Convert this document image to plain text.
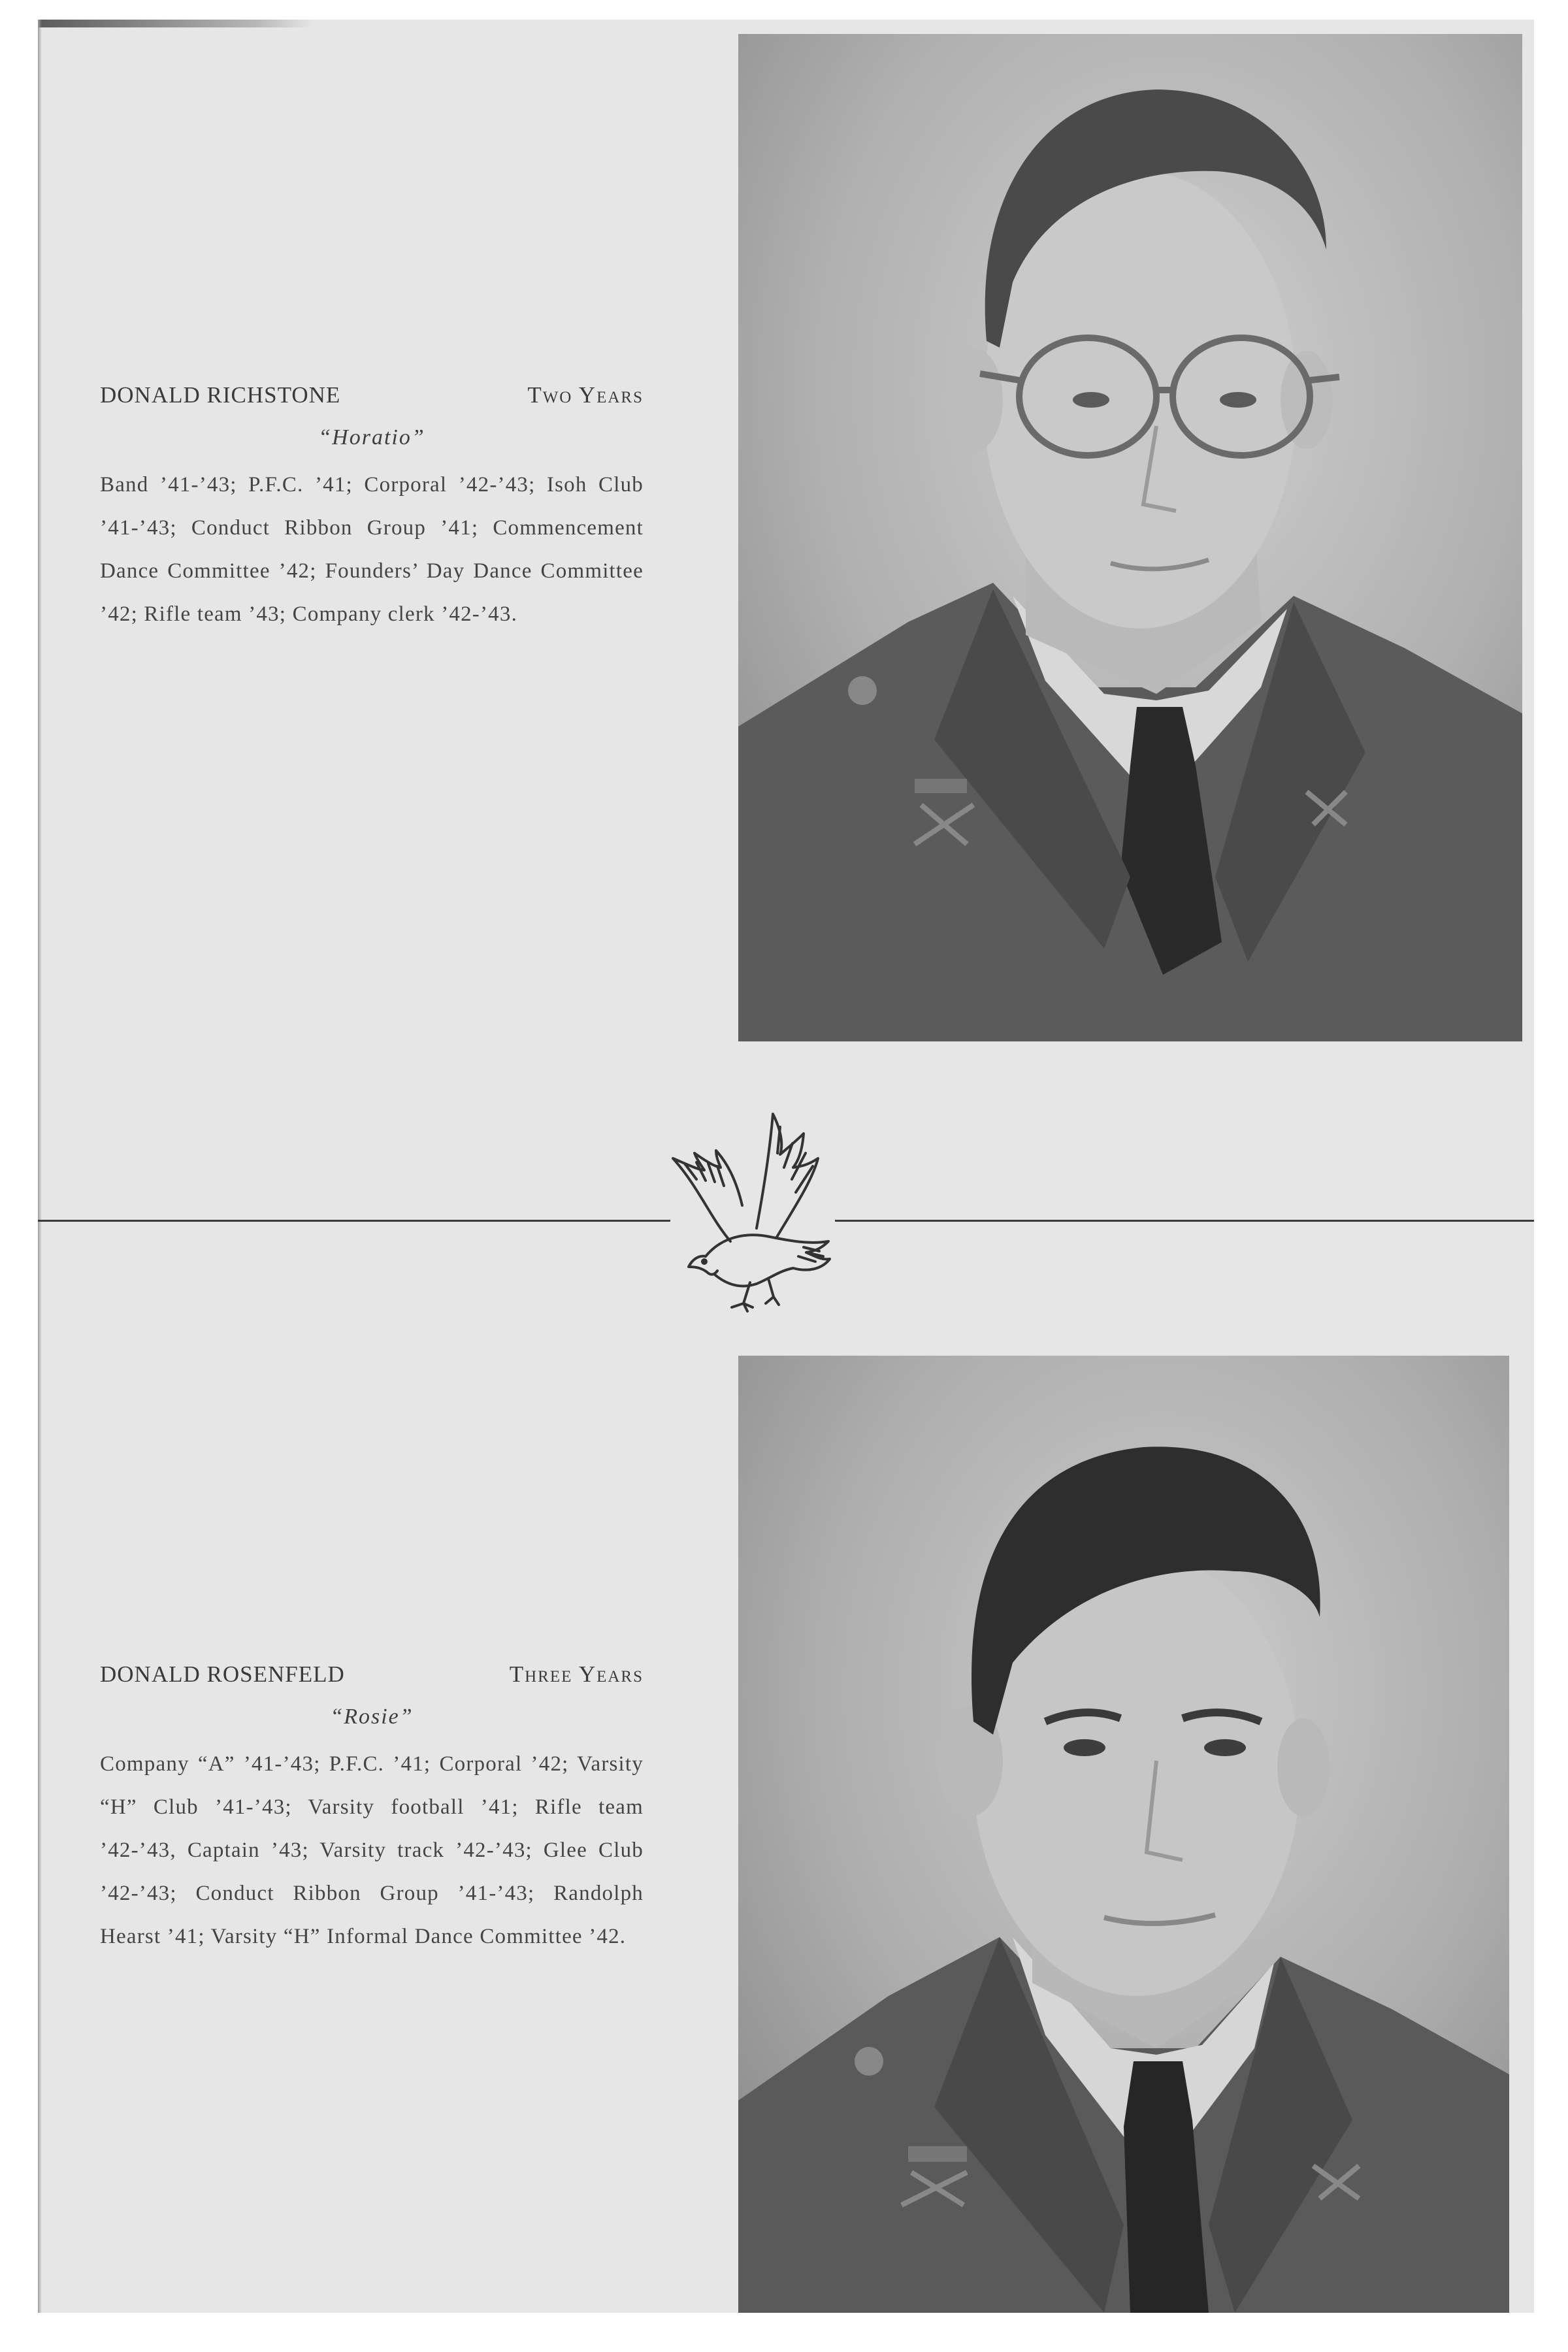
DONALD RICHSTONE	Two Years
“Horatio”

Band ’41-’43; P.F.C. ’41; Corporal ’42-’43; Isoh Club ’41-’43; Conduct Ribbon Group ’41; Commencement Dance Committee ’42; Founders’ Day Dance Committee ’42; Rifle team ’43; Company clerk ’42-’43.

DONALD ROSENFELD	Three Years
“Rosie”

Company “A” ’41-’43; P.F.C. ’41; Corporal ’42; Varsity “H” Club ’41-’43; Varsity football ’41; Rifle team ’42-’43, Captain ’43; Varsity track ’42-’43; Glee Club ’42-’43; Conduct Ribbon Group ’41-’43; Randolph Hearst ’41; Varsity “H” Informal Dance Committee ’42.
